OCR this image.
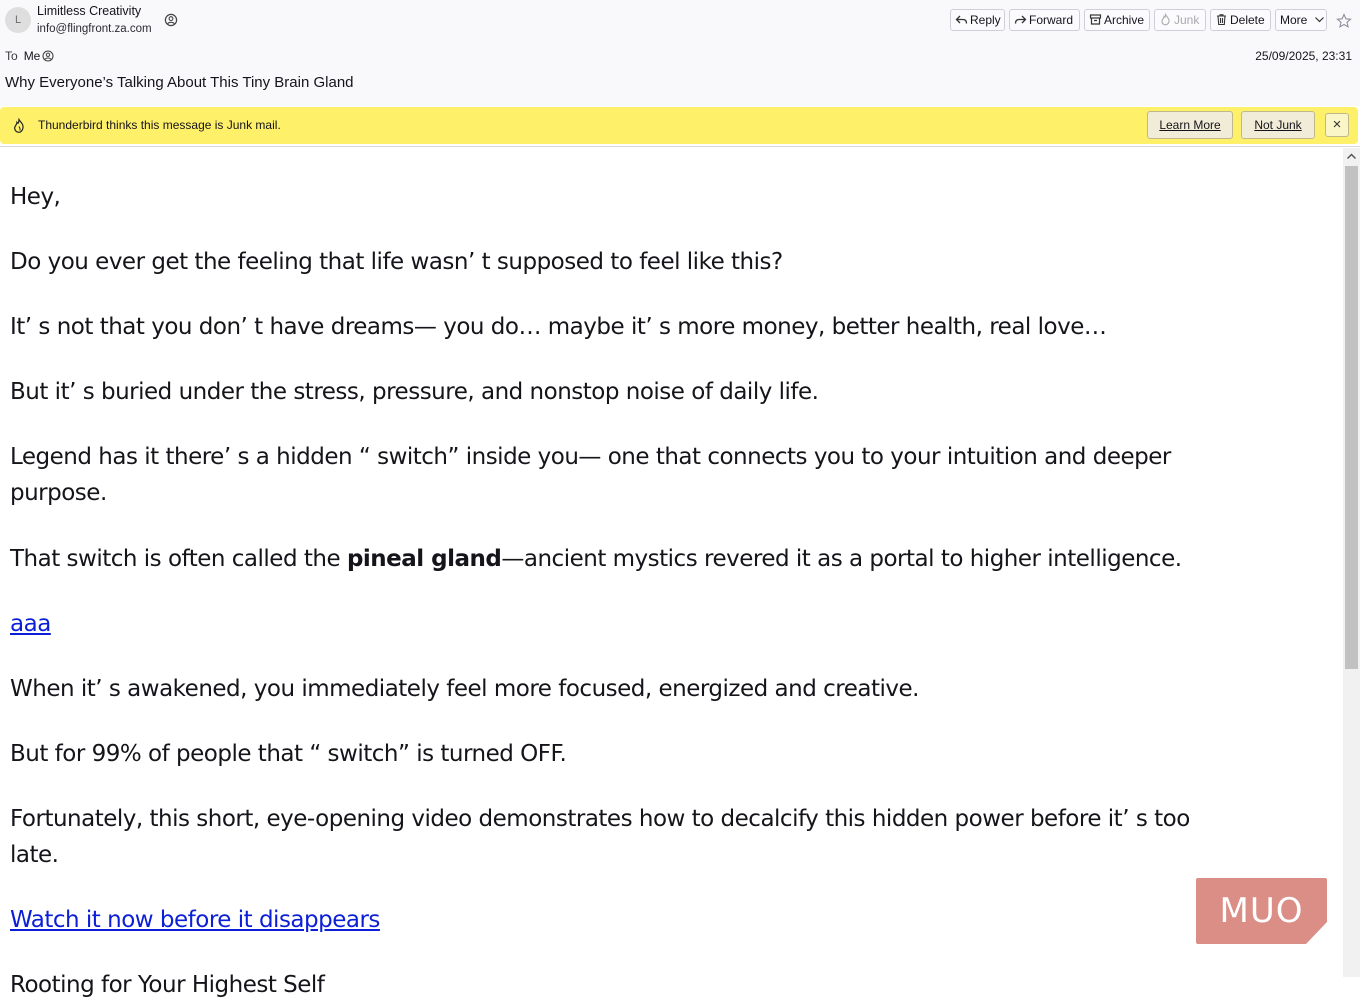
L
Limitless Creativity
info@flingfront.za.com
Reply	Forward	Archive	Junk	Delete	More
To Me	25/09/2025, 23:31
Why Everyone’s Talking About This Tiny Brain Gland
Thunderbird thinks this message is Junk mail.	Learn More	Not Junk	×

Hey,

Do you ever get the feeling that life wasn’ t supposed to feel like this?

It’ s not that you don’ t have dreams— you do… maybe it’ s more money, better health, real love…

But it’ s buried under the stress, pressure, and nonstop noise of daily life.

Legend has it there’ s a hidden “ switch” inside you— one that connects you to your intuition and deeper
purpose.

That switch is often called the pineal gland—ancient mystics revered it as a portal to higher intelligence.

aaa

When it’ s awakened, you immediately feel more focused, energized and creative.

But for 99% of people that “ switch” is turned OFF.

Fortunately, this short, eye-opening video demonstrates how to decalcify this hidden power before it’ s too
late.

Watch it now before it disappears

Rooting for Your Highest Self

MUO
